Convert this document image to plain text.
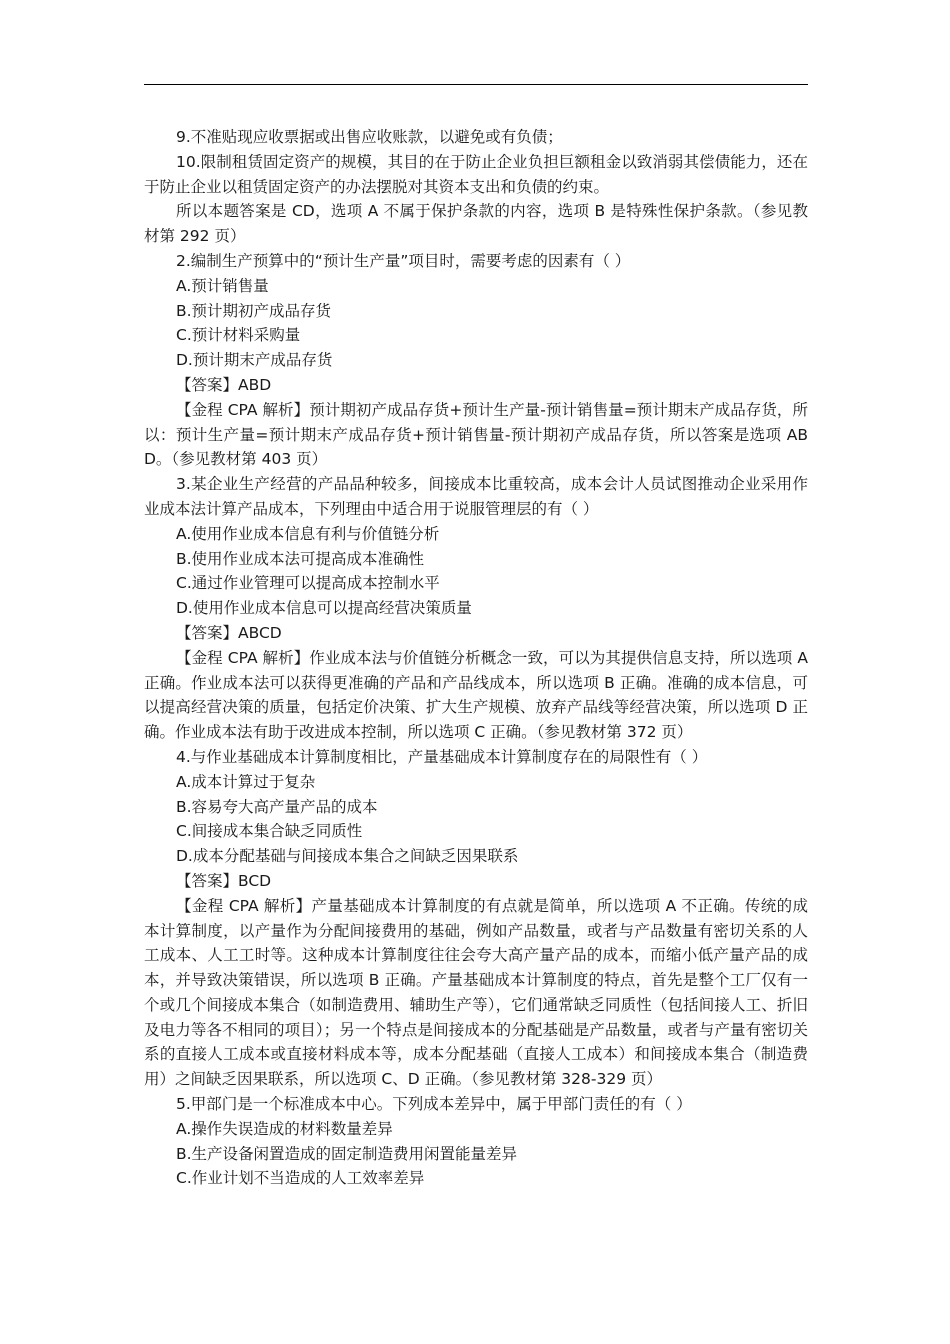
9.不准贴现应收票据或出售应收账款，以避免或有负债；

10.限制租赁固定资产的规模，其目的在于防止企业负担巨额租金以致消弱其偿债能力，还在于防止企业以租赁固定资产的办法摆脱对其资本支出和负债的约束。

所以本题答案是 CD，选项 A 不属于保护条款的内容，选项 B 是特殊性保护条款。（参见教材第 292 页）

2.编制生产预算中的“预计生产量”项目时，需要考虑的因素有（ ）

A.预计销售量

B.预计期初产成品存货

C.预计材料采购量

D.预计期末产成品存货

【答案】ABD

【金程 CPA 解析】预计期初产成品存货+预计生产量-预计销售量=预计期末产成品存货，所以：预计生产量=预计期末产成品存货+预计销售量-预计期初产成品存货，所以答案是选项 ABD。（参见教材第 403 页）

3.某企业生产经营的产品品种较多，间接成本比重较高，成本会计人员试图推动企业采用作业成本法计算产品成本，下列理由中适合用于说服管理层的有（ ）

A.使用作业成本信息有利与价值链分析

B.使用作业成本法可提高成本准确性

C.通过作业管理可以提高成本控制水平

D.使用作业成本信息可以提高经营决策质量

【答案】ABCD

【金程 CPA 解析】作业成本法与价值链分析概念一致，可以为其提供信息支持，所以选项 A 正确。作业成本法可以获得更准确的产品和产品线成本，所以选项 B 正确。准确的成本信息，可以提高经营决策的质量，包括定价决策、扩大生产规模、放弃产品线等经营决策，所以选项 D 正确。作业成本法有助于改进成本控制，所以选项 C 正确。（参见教材第 372 页）

4.与作业基础成本计算制度相比，产量基础成本计算制度存在的局限性有（ ）

A.成本计算过于复杂

B.容易夸大高产量产品的成本

C.间接成本集合缺乏同质性

D.成本分配基础与间接成本集合之间缺乏因果联系

【答案】BCD

【金程 CPA 解析】产量基础成本计算制度的有点就是简单，所以选项 A 不正确。传统的成本计算制度，以产量作为分配间接费用的基础，例如产品数量，或者与产品数量有密切关系的人工成本、人工工时等。这种成本计算制度往往会夸大高产量产品的成本，而缩小低产量产品的成本，并导致决策错误，所以选项 B 正确。产量基础成本计算制度的特点，首先是整个工厂仅有一个或几个间接成本集合（如制造费用、辅助生产等），它们通常缺乏同质性（包括间接人工、折旧及电力等各不相同的项目）；另一个特点是间接成本的分配基础是产品数量，或者与产量有密切关系的直接人工成本或直接材料成本等，成本分配基础（直接人工成本）和间接成本集合（制造费用）之间缺乏因果联系，所以选项 C、D 正确。（参见教材第 328-329 页）

5.甲部门是一个标准成本中心。下列成本差异中，属于甲部门责任的有（ ）

A.操作失误造成的材料数量差异

B.生产设备闲置造成的固定制造费用闲置能量差异

C.作业计划不当造成的人工效率差异
